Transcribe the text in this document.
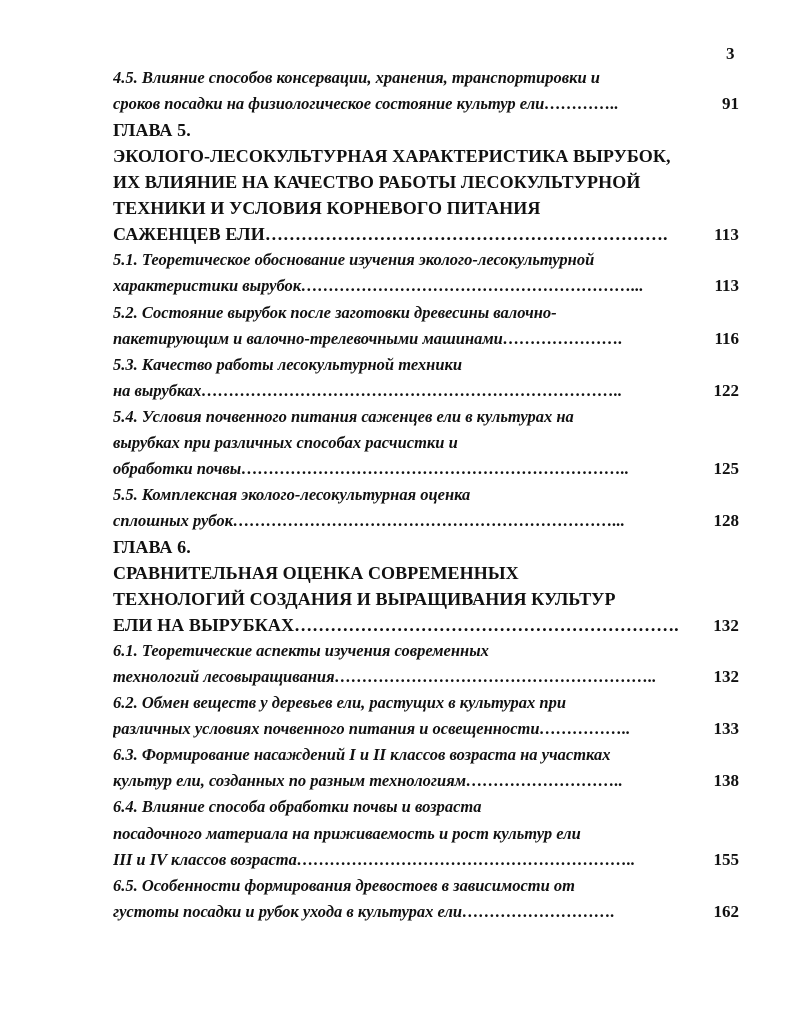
3
4.5. Влияние способов консервации, хранения, транспортировки и
сроков посадки на физиологическое состояние культур ели …………..	91
ГЛАВА 5.
ЭКОЛОГО-ЛЕСОКУЛЬТУРНАЯ ХАРАКТЕРИСТИКА ВЫРУБОК,
ИХ ВЛИЯНИЕ НА КАЧЕСТВО РАБОТЫ ЛЕСОКУЛЬТУРНОЙ
ТЕХНИКИ И УСЛОВИЯ КОРНЕВОГО ПИТАНИЯ
САЖЕНЦЕВ ЕЛИ ………………………………………………………….	113
5.1. Теоретическое обоснование изучения эколого-лесокультурной
характеристики вырубок ……………………………………………………...	113
5.2. Состояние вырубок после заготовки древесины валочно-
пакетирующим и валочно-трелевочными машинами ………………….	116
5.3. Качество работы лесокультурной техники
на вырубках …………………………………………………………………..	122
5.4. Условия почвенного питания саженцев ели в культурах на
вырубках при различных способах расчистки и
обработки почвы ……………………………………………………………..	125
5.5. Комплексная эколого-лесокультурная оценка
сплошных рубок ……………………………………………………………...	128
ГЛАВА 6.
СРАВНИТЕЛЬНАЯ ОЦЕНКА СОВРЕМЕННЫХ
ТЕХНОЛОГИЙ СОЗДАНИЯ И ВЫРАЩИВАНИЯ КУЛЬТУР
ЕЛИ НА ВЫРУБКАХ ……………………………………………………….	132
6.1. Теоретические аспекты изучения современных
технологий лесовыращивания …………………………………………………..	132
6.2. Обмен веществ у деревьев ели, растущих в культурах при
различных условиях почвенного питания и освещенности ……………..	133
6.3. Формирование насаждений I и II классов возраста на участках
культур ели, созданных по разным технологиям ………………………..	138
6.4. Влияние способа обработки почвы и возраста
посадочного материала на приживаемость и рост культур ели
III и IV классов возраста ……………………………………………………..	155
6.5. Особенности формирования древостоев в зависимости от
густоты посадки и рубок ухода в культурах ели ……………………….	162
